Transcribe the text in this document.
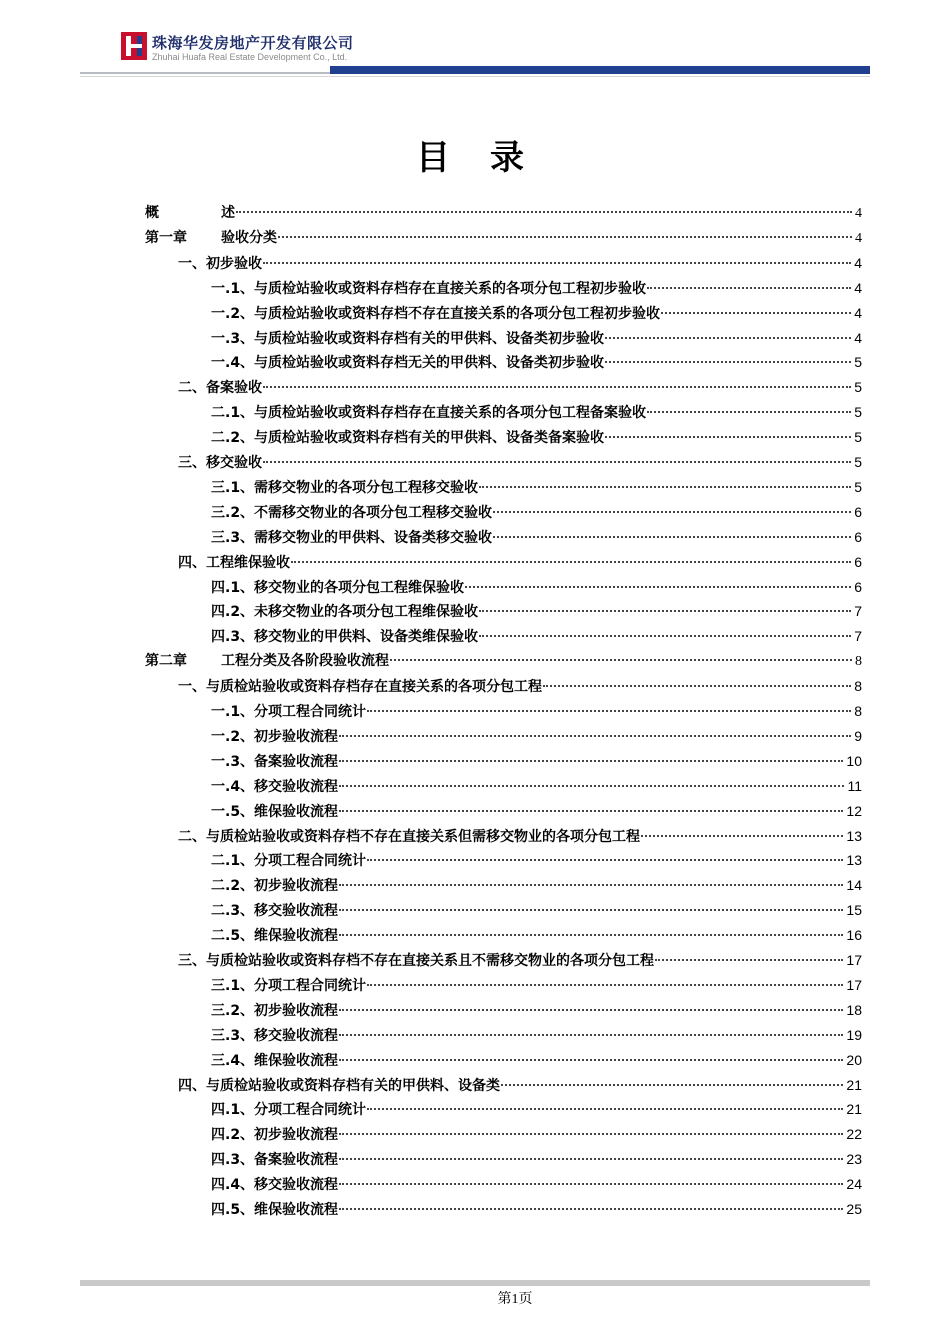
珠海华发房地产开发有限公司
Zhuhai Huafa Real Estate Development Co., Ltd.
目录
概	述	4
第一章 验收分类	4
一、初步验收	4
一.1、与质检站验收或资料存档存在直接关系的各项分包工程初步验收	4
一.2、与质检站验收或资料存档不存在直接关系的各项分包工程初步验收	4
一.3、与质检站验收或资料存档有关的甲供料、设备类初步验收	4
一.4、与质检站验收或资料存档无关的甲供料、设备类初步验收	5
二、备案验收	5
二.1、与质检站验收或资料存档存在直接关系的各项分包工程备案验收	5
二.2、与质检站验收或资料存档有关的甲供料、设备类备案验收	5
三、移交验收	5
三.1、需移交物业的各项分包工程移交验收	5
三.2、不需移交物业的各项分包工程移交验收	6
三.3、需移交物业的甲供料、设备类移交验收	6
四、工程维保验收	6
四.1、移交物业的各项分包工程维保验收	6
四.2、未移交物业的各项分包工程维保验收	7
四.3、移交物业的甲供料、设备类维保验收	7
第二章 工程分类及各阶段验收流程	8
一、与质检站验收或资料存档存在直接关系的各项分包工程	8
一.1、分项工程合同统计	8
一.2、初步验收流程	9
一.3、备案验收流程	10
一.4、移交验收流程	11
一.5、维保验收流程	12
二、与质检站验收或资料存档不存在直接关系但需移交物业的各项分包工程	13
二.1、分项工程合同统计	13
二.2、初步验收流程	14
二.3、移交验收流程	15
二.5、维保验收流程	16
三、与质检站验收或资料存档不存在直接关系且不需移交物业的各项分包工程	17
三.1、分项工程合同统计	17
三.2、初步验收流程	18
三.3、移交验收流程	19
三.4、维保验收流程	20
四、与质检站验收或资料存档有关的甲供料、设备类	21
四.1、分项工程合同统计	21
四.2、初步验收流程	22
四.3、备案验收流程	23
四.4、移交验收流程	24
四.5、维保验收流程	25
第1页
